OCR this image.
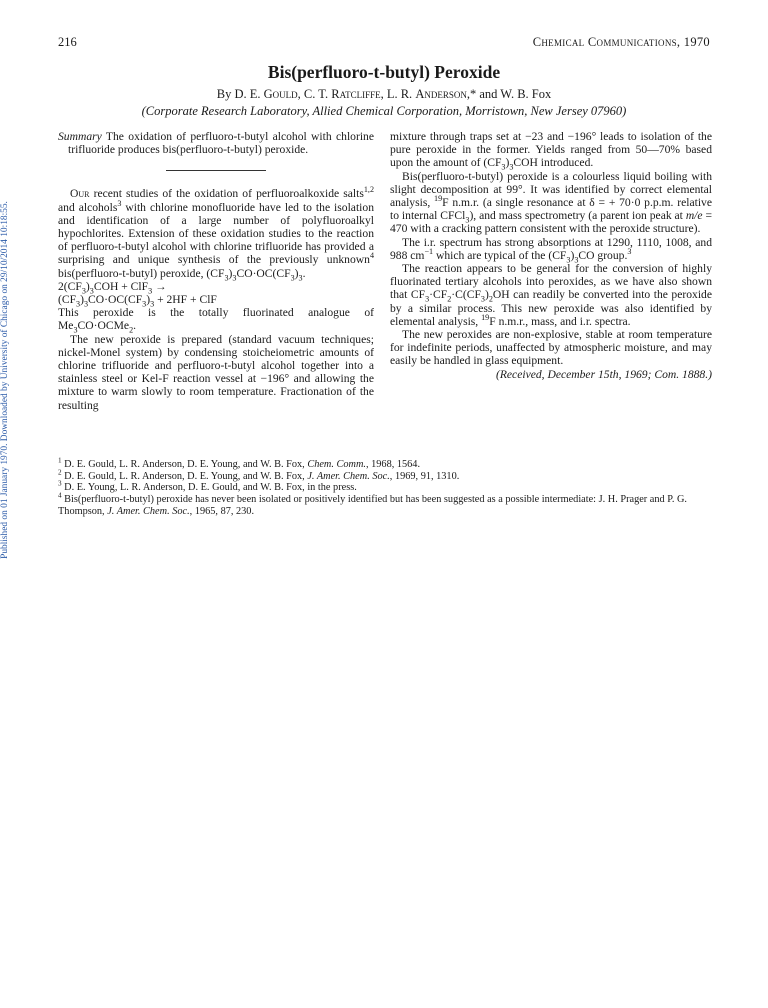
Published on 01 January 1970. Downloaded by University of Chicago on 29/10/2014 10:18:55.
216	Chemical Communications, 1970
Bis(perfluoro-t-butyl) Peroxide
By D. E. Gould, C. T. Ratcliffe, L. R. Anderson,* and W. B. Fox
(Corporate Research Laboratory, Allied Chemical Corporation, Morristown, New Jersey 07960)

Summary The oxidation of perfluoro-t-butyl alcohol with chlorine trifluoride produces bis(perfluoro-t-butyl) peroxide.

Our recent studies of the oxidation of perfluoroalkoxide salts$^{1,2}$ and alcohols$^3$ with chlorine monofluoride have led to the isolation and identification of a large number of polyfluoroalkyl hypochlorites. Extension of these oxidation studies to the reaction of perfluoro-t-butyl alcohol with chlorine trifluoride has provided a surprising and unique synthesis of the previously unknown$^4$ bis(perfluoro-t-butyl) peroxide, $(CF_3)_3CO\cdot OC(CF_3)_3$.

$2(CF_3)_3COH + ClF_3$ →

$(CF_3)_3CO\cdot OC(CF_3)_3 + 2HF$ + ClF

This peroxide is the totally fluorinated analogue of $Me_3CO\cdot OCMe_2$.

The new peroxide is prepared (standard vacuum techniques; nickel-Monel system) by condensing stoicheiometric amounts of chlorine trifluoride and perfluoro-t-butyl alcohol together into a stainless steel or Kel-F reaction vessel at −196° and allowing the mixture to warm slowly to room temperature. Fractionation of the resulting

mixture through traps set at −23 and −196° leads to isolation of the pure peroxide in the former. Yields ranged from 50—70% based upon the amount of $(CF_3)_3COH$ introduced.

Bis(perfluoro-t-butyl) peroxide is a colourless liquid boiling with slight decomposition at 99°. It was identified by correct elemental analysis, $^{19}$F n.m.r. (a single resonance at δ = + 70·0 p.p.m. relative to internal CFCl$_3$), and mass spectrometry (a parent ion peak at m/e = 470 with a cracking pattern consistent with the peroxide structure).

The i.r. spectrum has strong absorptions at 1290, 1110, 1008, and 988 $cm^{-1}$ which are typical of the $(CF_3)_3CO$ group.$^3$

The reaction appears to be general for the conversion of highly fluorinated tertiary alcohols into peroxides, as we have also shown that $CF_3\cdot CF_2\cdot C(CF_3)_2OH$ can readily be converted into the peroxide by a similar process. This new peroxide was also identified by elemental analysis, $^{19}$F n.m.r., mass, and i.r. spectra.

The new peroxides are non-explosive, stable at room temperature for indefinite periods, unaffected by atmospheric moisture, and may easily be handled in glass equipment.

(Received, December 15th, 1969; Com. 1888.)

$^1$ D. E. Gould, L. R. Anderson, D. E. Young, and W. B. Fox, Chem. Comm., 1968, 1564.

$^2$ D. E. Gould, L. R. Anderson, D. E. Young, and W. B. Fox, J. Amer. Chem. Soc., 1969, 91, 1310.

$^3$ D. E. Young, L. R. Anderson, D. E. Gould, and W. B. Fox, in the press.

$^4$ Bis(perfluoro-t-butyl) peroxide has never been isolated or positively identified but has been suggested as a possible intermediate: J. H. Prager and P. G. Thompson, J. Amer. Chem. Soc., 1965, 87, 230.
